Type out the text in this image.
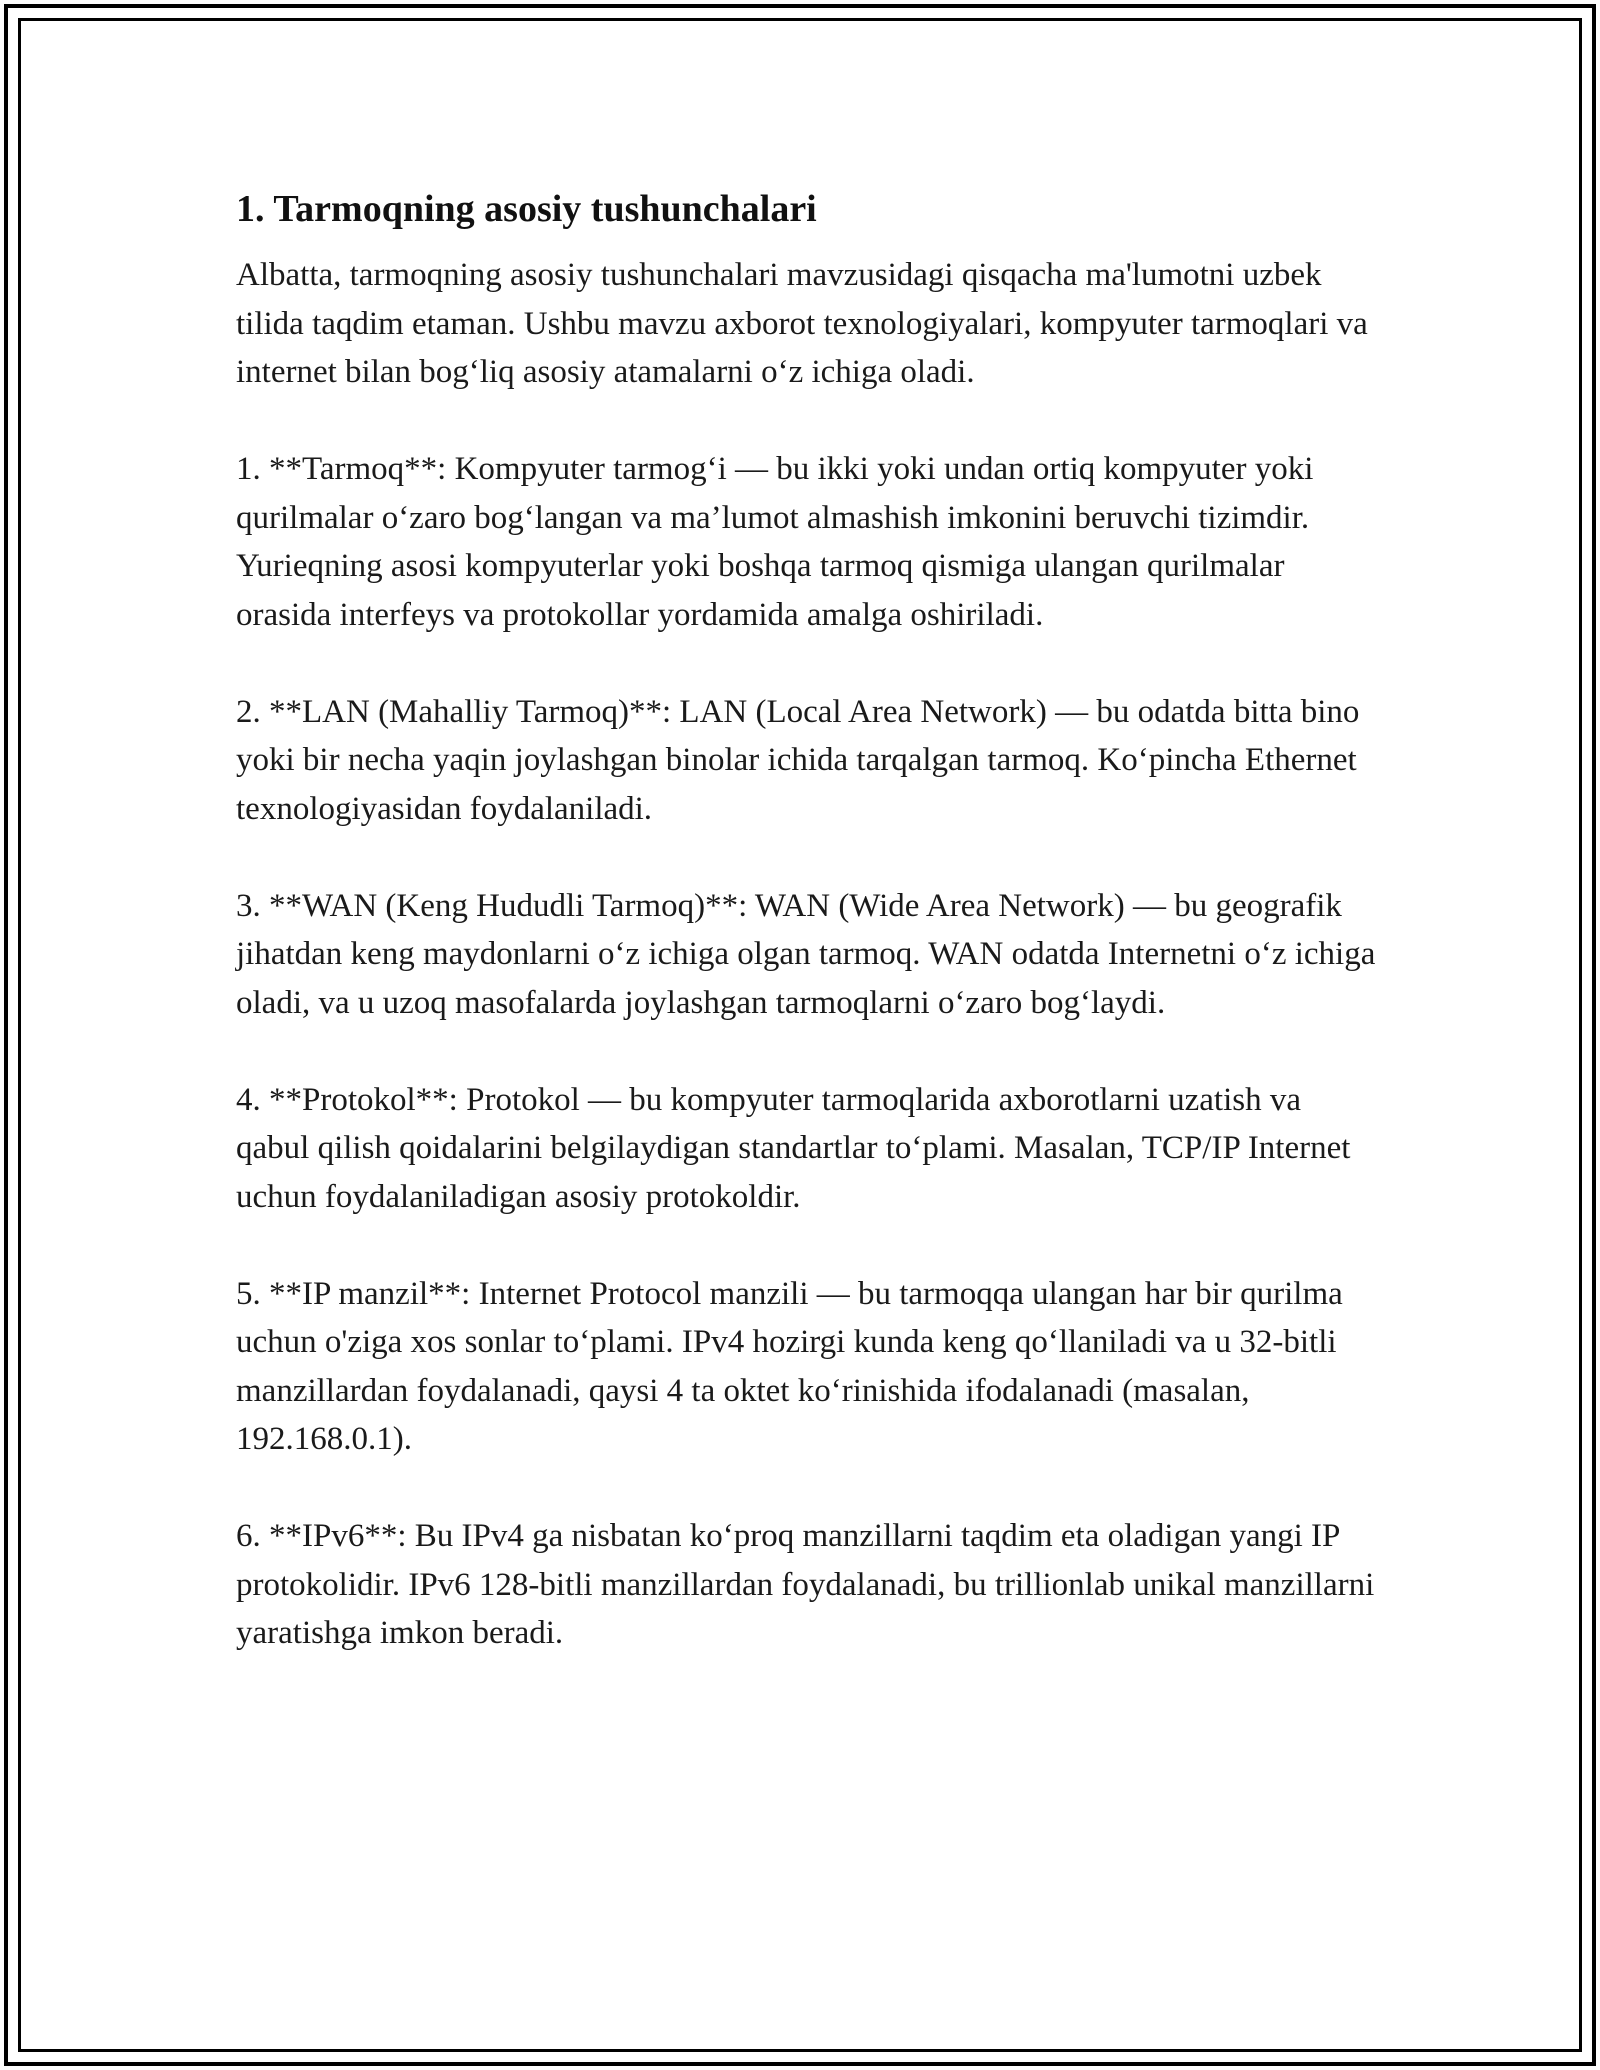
1. Tarmoqning asosiy tushunchalari

Albatta, tarmoqning asosiy tushunchalari mavzusidagi qisqacha ma'lumotni uzbek tilida taqdim etaman. Ushbu mavzu axborot texnologiyalari, kompyuter tarmoqlari va internet bilan bog‘liq asosiy atamalarni o‘z ichiga oladi.

1. **Tarmoq**: Kompyuter tarmog‘i — bu ikki yoki undan ortiq kompyuter yoki qurilmalar o‘zaro bog‘langan va ma’lumot almashish imkonini beruvchi tizimdir. Yurieqning asosi kompyuterlar yoki boshqa tarmoq qismiga ulangan qurilmalar orasida interfeys va protokollar yordamida amalga oshiriladi.

2. **LAN (Mahalliy Tarmoq)**: LAN (Local Area Network) — bu odatda bitta bino yoki bir necha yaqin joylashgan binolar ichida tarqalgan tarmoq. Ko‘pincha Ethernet texnologiyasidan foydalaniladi.

3. **WAN (Keng Hududli Tarmoq)**: WAN (Wide Area Network) — bu geografik jihatdan keng maydonlarni o‘z ichiga olgan tarmoq. WAN odatda Internetni o‘z ichiga oladi, va u uzoq masofalarda joylashgan tarmoqlarni o‘zaro bog‘laydi.

4. **Protokol**: Protokol — bu kompyuter tarmoqlarida axborotlarni uzatish va qabul qilish qoidalarini belgilaydigan standartlar to‘plami. Masalan, TCP/IP Internet uchun foydalaniladigan asosiy protokoldir.

5. **IP manzil**: Internet Protocol manzili — bu tarmoqqa ulangan har bir qurilma uchun o'ziga xos sonlar to‘plami. IPv4 hozirgi kunda keng qo‘llaniladi va u 32-bitli manzillardan foydalanadi, qaysi 4 ta oktet ko‘rinishida ifodalanadi (masalan, 192.168.0.1).

6. **IPv6**: Bu IPv4 ga nisbatan ko‘proq manzillarni taqdim eta oladigan yangi IP protokolidir. IPv6 128-bitli manzillardan foydalanadi, bu trillionlab unikal manzillarni yaratishga imkon beradi.
